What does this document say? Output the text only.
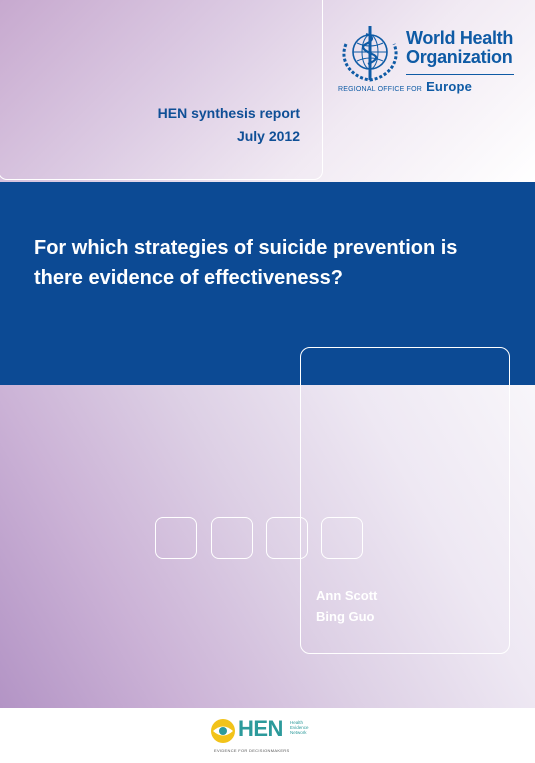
World Health
Organization
REGIONAL OFFICE FOR Europe
HEN synthesis report
July 2012
For which strategies of suicide prevention is there evidence of effectiveness?
Ann Scott
Bing Guo
HEN Health
Evidence
Network
EVIDENCE FOR DECISIONMAKERS
